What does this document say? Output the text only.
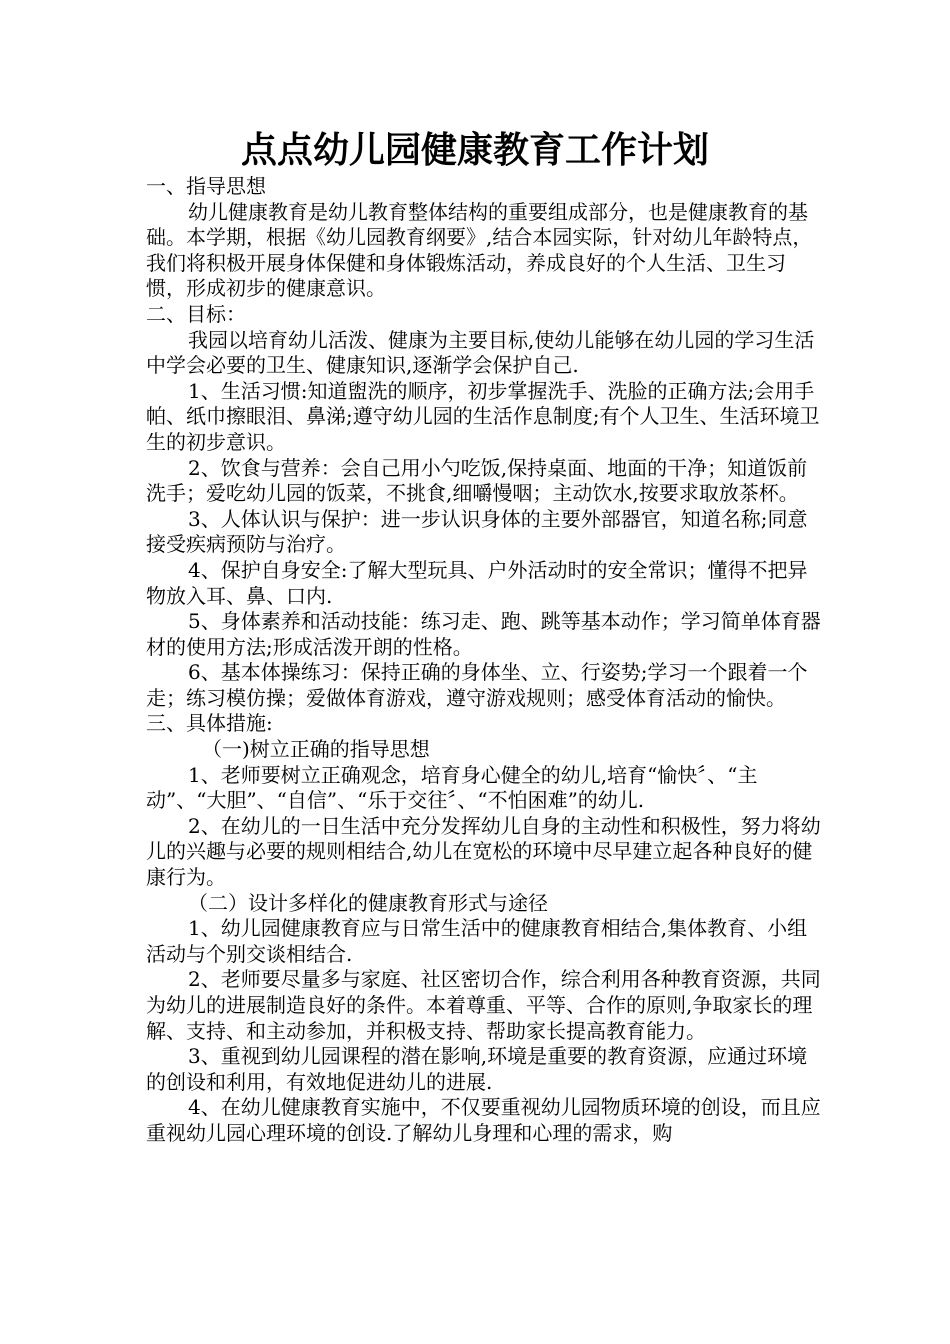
点点幼儿园健康教育工作计划

一、指导思想

幼儿健康教育是幼儿教育整体结构的重要组成部分，也是健康教育的基础。本学期，根据《幼儿园教育纲要》,结合本园实际，针对幼儿年龄特点，我们将积极开展身体保健和身体锻炼活动，养成良好的个人生活、卫生习惯，形成初步的健康意识。

二、目标：

我园以培育幼儿活泼、健康为主要目标,使幼儿能够在幼儿园的学习生活中学会必要的卫生、健康知识,逐渐学会保护自己.

1、生活习惯:知道盥洗的顺序，初步掌握洗手、洗脸的正确方法;会用手帕、纸巾擦眼泪、鼻涕;遵守幼儿园的生活作息制度;有个人卫生、生活环境卫生的初步意识。

2、饮食与营养：会自己用小勺吃饭,保持桌面、地面的干净；知道饭前洗手；爱吃幼儿园的饭菜，不挑食,细嚼慢咽；主动饮水,按要求取放茶杯。

3、人体认识与保护：进一步认识身体的主要外部器官，知道名称;同意接受疾病预防与治疗。

4、保护自身安全:了解大型玩具、户外活动时的安全常识；懂得不把异物放入耳、鼻、口内.

5、身体素养和活动技能：练习走、跑、跳等基本动作；学习简单体育器材的使用方法;形成活泼开朗的性格。

6、基本体操练习：保持正确的身体坐、立、行姿势;学习一个跟着一个走；练习模仿操；爱做体育游戏，遵守游戏规则；感受体育活动的愉快。

三、具体措施:

（一)树立正确的指导思想

1、老师要树立正确观念，培育身心健全的幼儿,培育“愉快〞、“主动”、“大胆”、“自信”、“乐于交往〞、“不怕困难”的幼儿.

2、在幼儿的一日生活中充分发挥幼儿自身的主动性和积极性，努力将幼儿的兴趣与必要的规则相结合,幼儿在宽松的环境中尽早建立起各种良好的健康行为。

（二）设计多样化的健康教育形式与途径

1、幼儿园健康教育应与日常生活中的健康教育相结合,集体教育、小组活动与个别交谈相结合.

2、老师要尽量多与家庭、社区密切合作，综合利用各种教育资源，共同为幼儿的进展制造良好的条件。本着尊重、平等、合作的原则,争取家长的理解、支持、和主动参加，并积极支持、帮助家长提高教育能力。

3、重视到幼儿园课程的潜在影响,环境是重要的教育资源，应通过环境的创设和利用，有效地促进幼儿的进展.

4、在幼儿健康教育实施中，不仅要重视幼儿园物质环境的创设，而且应重视幼儿园心理环境的创设.了解幼儿身理和心理的需求，购
